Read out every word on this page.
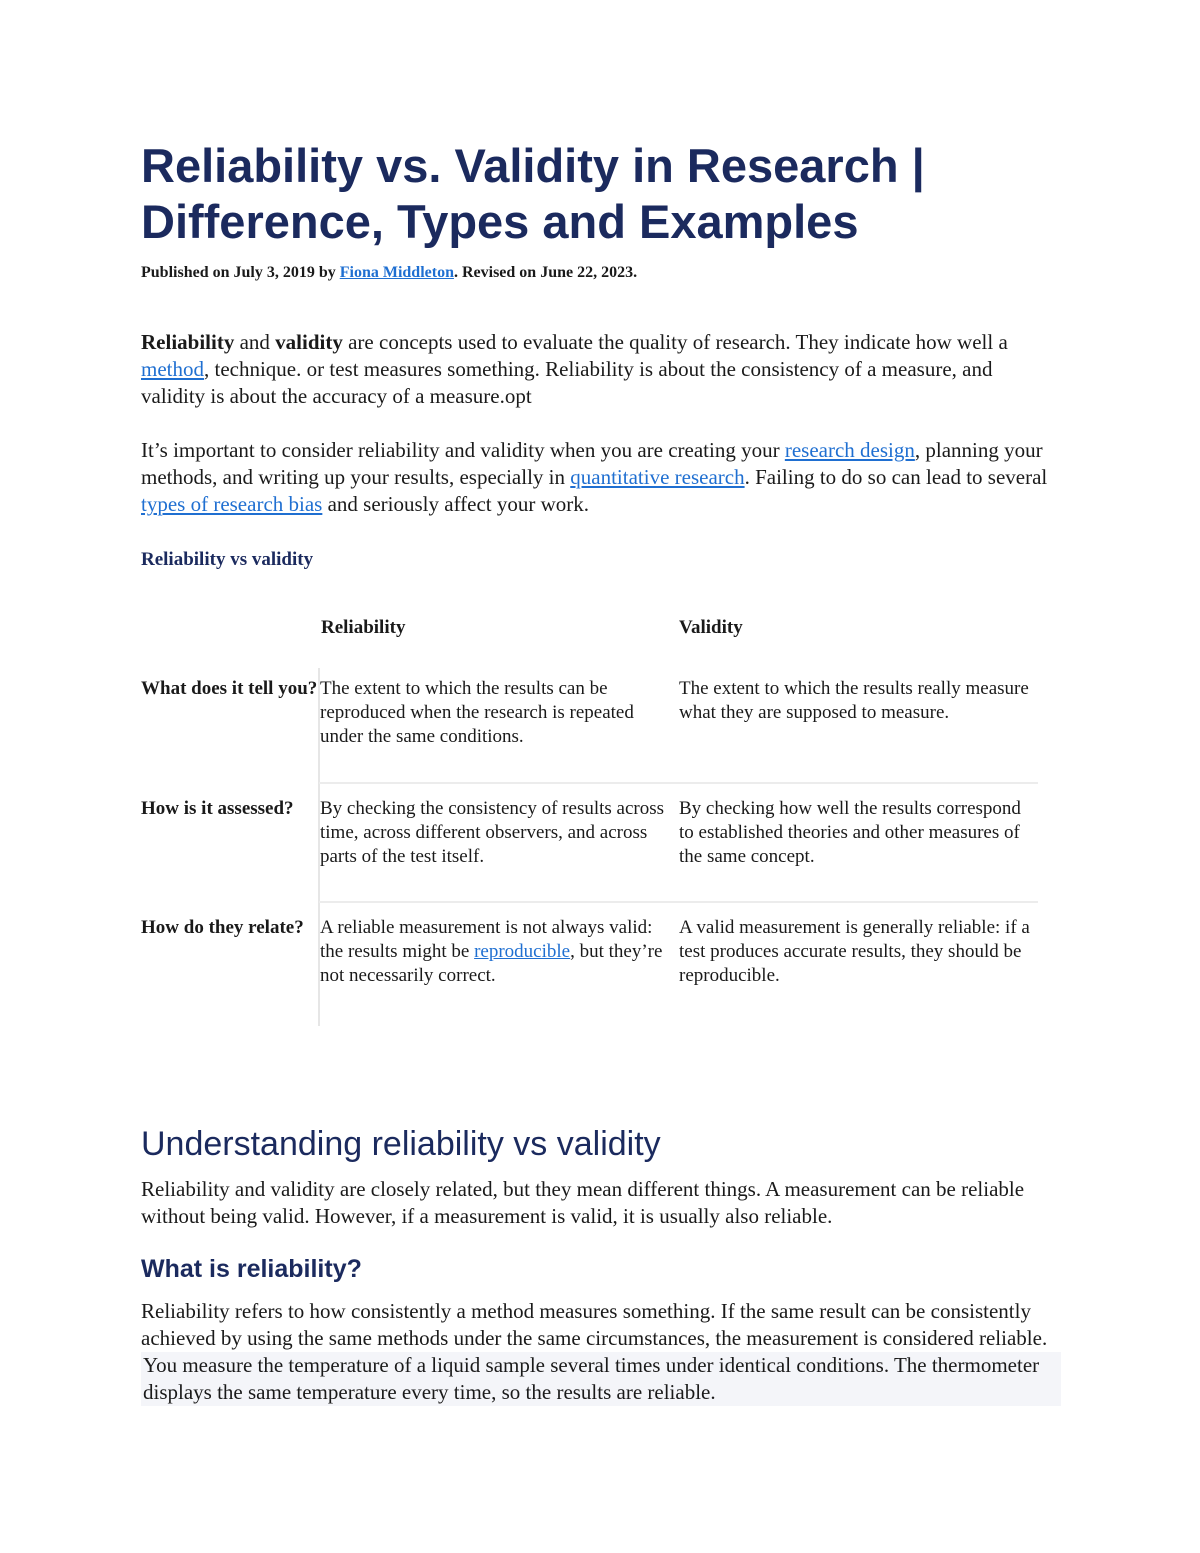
Reliability vs. Validity in Research | Difference, Types and Examples
Published on July 3, 2019 by Fiona Middleton. Revised on June 22, 2023.

Reliability and validity are concepts used to evaluate the quality of research. They indicate how well a method, technique. or test measures something. Reliability is about the consistency of a measure, and validity is about the accuracy of a measure.opt

It’s important to consider reliability and validity when you are creating your research design, planning your methods, and writing up your results, especially in quantitative research. Failing to do so can lead to several types of research bias and seriously affect your work.

Reliability vs validity
Reliability	Validity
What does it tell you? The extent to which the results can be reproduced when the research is repeated under the same conditions.
The extent to which the results really measure what they are supposed to measure.
How is it assessed?	By checking the consistency of results across time, across different observers, and across parts of the test itself.
By checking how well the results correspond to established theories and other measures of the same concept.
How do they relate? A reliable measurement is not always valid: the results might be reproducible, but they’re not necessarily correct.
A valid measurement is generally reliable: if a test produces accurate results, they should be reproducible.
Understanding reliability vs validity

Reliability and validity are closely related, but they mean different things. A measurement can be reliable without being valid. However, if a measurement is valid, it is usually also reliable.

What is reliability?

Reliability refers to how consistently a method measures something. If the same result can be consistently achieved by using the same methods under the same circumstances, the measurement is considered reliable.

You measure the temperature of a liquid sample several times under identical conditions. The thermometer displays the same temperature every time, so the results are reliable.
